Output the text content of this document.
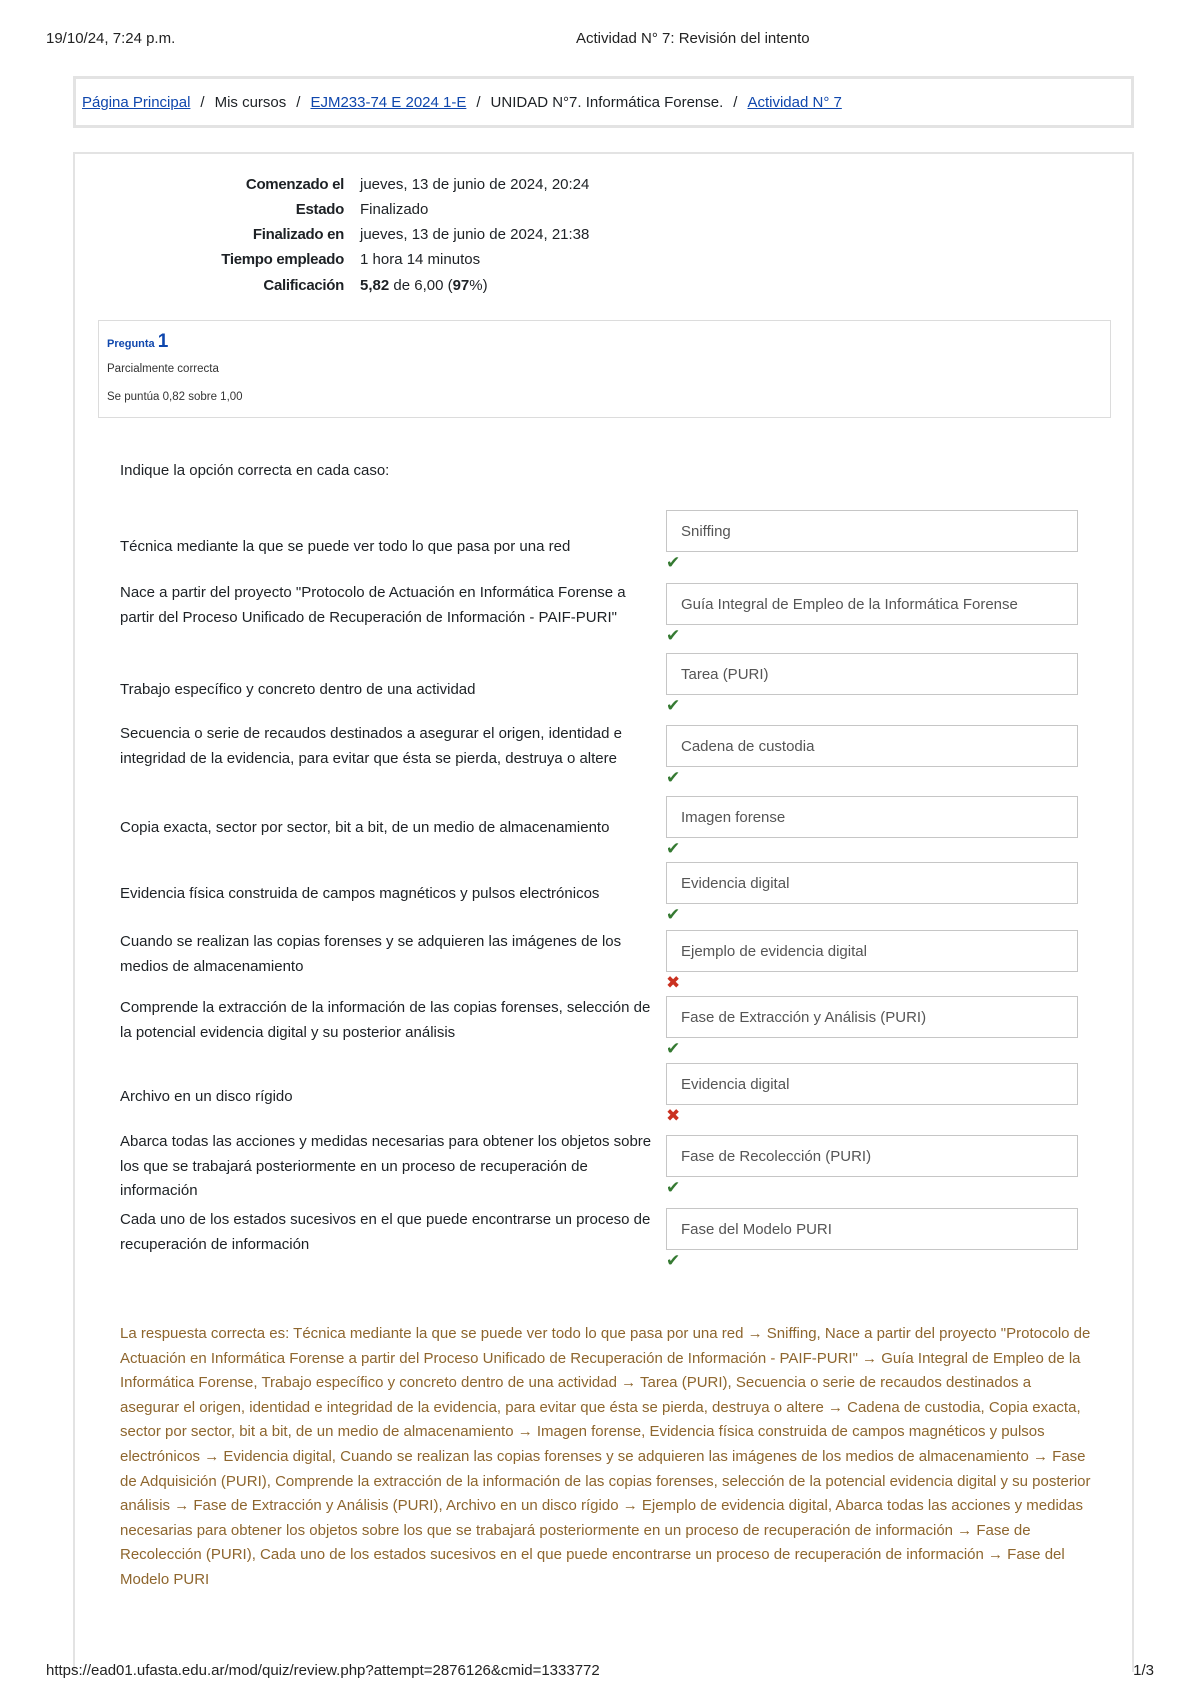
19/10/24, 7:24 p.m.	Actividad N° 7: Revisión del intento
Página Principal / Mis cursos / EJM233-74 E 2024 1-E / UNIDAD N°7. Informática Forense. / Actividad N° 7
Comenzado el jueves, 13 de junio de 2024, 20:24
Estado Finalizado
Finalizado en jueves, 13 de junio de 2024, 21:38
Tiempo empleado 1 hora 14 minutos
Calificación 5,82 de 6,00 (97%)
Pregunta 1
Parcialmente correcta
Se puntúa 0,82 sobre 1,00
Indique la opción correcta en cada caso:
Técnica mediante la que se puede ver todo lo que pasa por una red
Sniffing
✔
Nace a partir del proyecto "Protocolo de Actuación en Informática Forense a partir del Proceso Unificado de Recuperación de Información - PAIF-PURI"
Guía Integral de Empleo de la Informática Forense
✔
Trabajo específico y concreto dentro de una actividad
Tarea (PURI)
✔
Secuencia o serie de recaudos destinados a asegurar el origen, identidad e integridad de la evidencia, para evitar que ésta se pierda, destruya o altere
Cadena de custodia
✔
Copia exacta, sector por sector, bit a bit, de un medio de almacenamiento
Imagen forense
✔
Evidencia física construida de campos magnéticos y pulsos electrónicos
Evidencia digital
✔
Cuando se realizan las copias forenses y se adquieren las imágenes de los medios de almacenamiento
Ejemplo de evidencia digital
✖
Comprende la extracción de la información de las copias forenses, selección de la potencial evidencia digital y su posterior análisis
Fase de Extracción y Análisis (PURI)
✔
Archivo en un disco rígido
Evidencia digital
✖
Abarca todas las acciones y medidas necesarias para obtener los objetos sobre los que se trabajará posteriormente en un proceso de recuperación de información
Fase de Recolección (PURI)
✔
Cada uno de los estados sucesivos en el que puede encontrarse un proceso de recuperación de información
Fase del Modelo PURI
✔
La respuesta correcta es: Técnica mediante la que se puede ver todo lo que pasa por una red → Sniffing, Nace a partir del proyecto "Protocolo de Actuación en Informática Forense a partir del Proceso Unificado de Recuperación de Información - PAIF-PURI" → Guía Integral de Empleo de la Informática Forense, Trabajo específico y concreto dentro de una actividad → Tarea (PURI), Secuencia o serie de recaudos destinados a asegurar el origen, identidad e integridad de la evidencia, para evitar que ésta se pierda, destruya o altere → Cadena de custodia, Copia exacta, sector por sector, bit a bit, de un medio de almacenamiento → Imagen forense, Evidencia física construida de campos magnéticos y pulsos electrónicos → Evidencia digital, Cuando se realizan las copias forenses y se adquieren las imágenes de los medios de almacenamiento → Fase de Adquisición (PURI), Comprende la extracción de la información de las copias forenses, selección de la potencial evidencia digital y su posterior análisis → Fase de Extracción y Análisis (PURI), Archivo en un disco rígido → Ejemplo de evidencia digital, Abarca todas las acciones y medidas necesarias para obtener los objetos sobre los que se trabajará posteriormente en un proceso de recuperación de información → Fase de Recolección (PURI), Cada uno de los estados sucesivos en el que puede encontrarse un proceso de recuperación de información → Fase del Modelo PURI
https://ead01.ufasta.edu.ar/mod/quiz/review.php?attempt=2876126&cmid=1333772	1/3
